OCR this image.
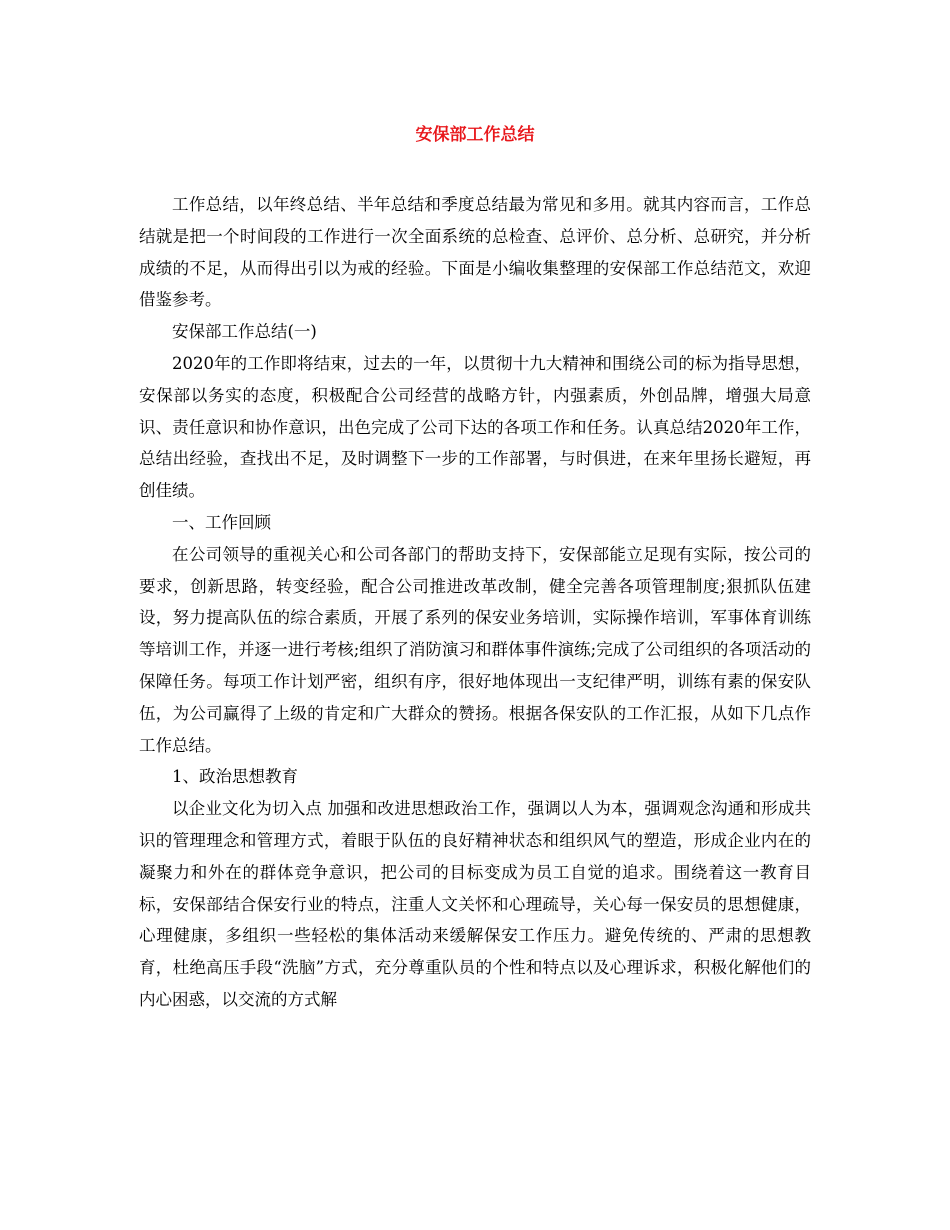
安保部工作总结

工作总结，以年终总结、半年总结和季度总结最为常见和多用。就其内容而言，工作总结就是把一个时间段的工作进行一次全面系统的总检查、总评价、总分析、总研究，并分析成绩的不足，从而得出引以为戒的经验。下面是小编收集整理的安保部工作总结范文，欢迎借鉴参考。

安保部工作总结(一)

2020年的工作即将结束，过去的一年，以贯彻十九大精神和围绕公司的标为指导思想，安保部以务实的态度，积极配合公司经营的战略方针，内强素质，外创品牌，增强大局意识、责任意识和协作意识，出色完成了公司下达的各项工作和任务。认真总结2020年工作，总结出经验，查找出不足，及时调整下一步的工作部署，与时俱进，在来年里扬长避短，再创佳绩。

一、工作回顾

在公司领导的重视关心和公司各部门的帮助支持下，安保部能立足现有实际，按公司的要求，创新思路，转变经验，配合公司推进改革改制，健全完善各项管理制度;狠抓队伍建设，努力提高队伍的综合素质，开展了系列的保安业务培训，实际操作培训，军事体育训练等培训工作，并逐一进行考核;组织了消防演习和群体事件演练;完成了公司组织的各项活动的保障任务。每项工作计划严密，组织有序，很好地体现出一支纪律严明，训练有素的保安队伍，为公司赢得了上级的肯定和广大群众的赞扬。根据各保安队的工作汇报，从如下几点作工作总结。

1、政治思想教育

以企业文化为切入点 加强和改进思想政治工作，强调以人为本，强调观念沟通和形成共识的管理理念和管理方式，着眼于队伍的良好精神状态和组织风气的塑造，形成企业内在的凝聚力和外在的群体竞争意识，把公司的目标变成为员工自觉的追求。围绕着这一教育目标，安保部结合保安行业的特点，注重人文关怀和心理疏导，关心每一保安员的思想健康，心理健康，多组织一些轻松的集体活动来缓解保安工作压力。避免传统的、严肃的思想教育，杜绝高压手段“洗脑”方式，充分尊重队员的个性和特点以及心理诉求，积极化解他们的内心困惑，以交流的方式解
